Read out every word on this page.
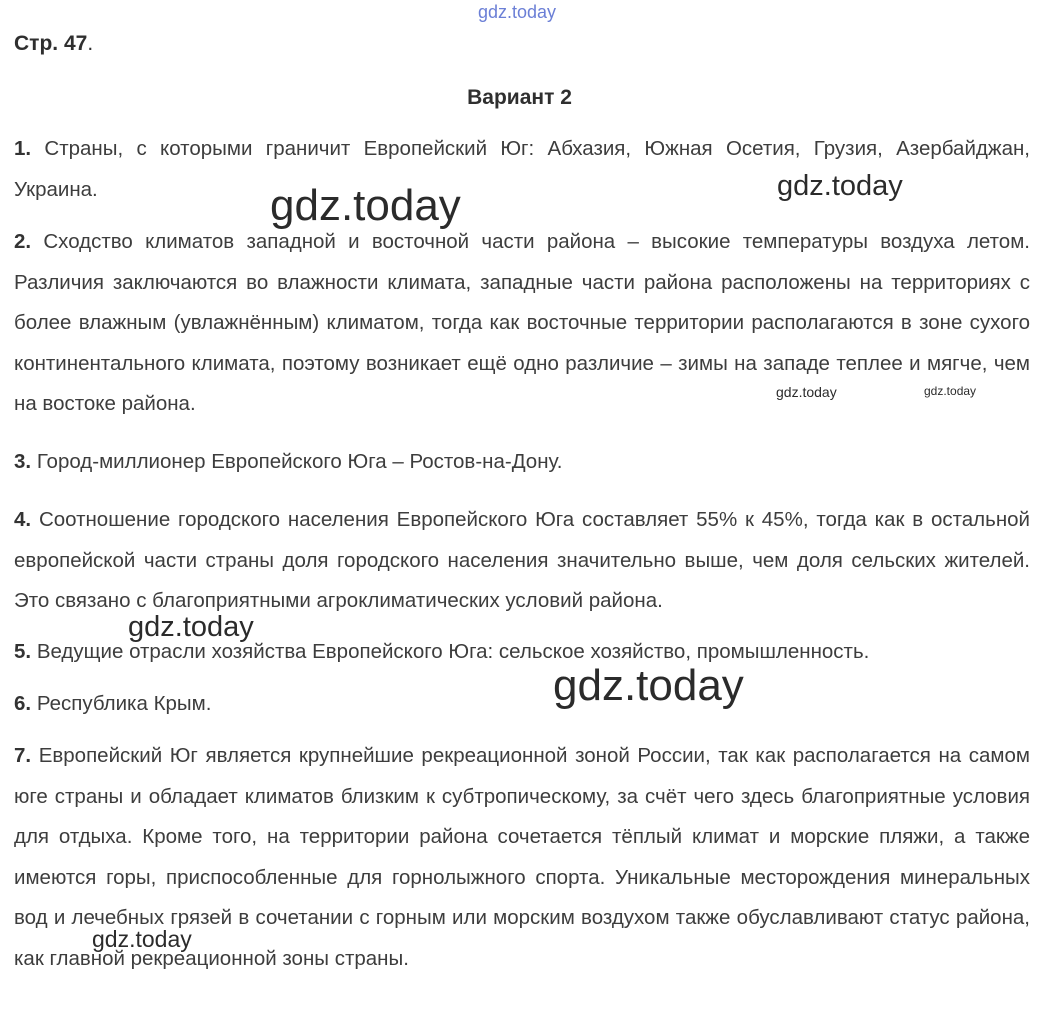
gdz.today
Стр. 47.
Вариант 2
1. Страны, с которыми граничит Европейский Юг: Абхазия, Южная Осетия, Грузия, Азербайджан, Украина.
2. Сходство климатов западной и восточной части района – высокие температуры воздуха летом. Различия заключаются во влажности климата, западные части района расположены на территориях с более влажным (увлажнённым) климатом, тогда как восточные территории располагаются в зоне сухого континентального климата, поэтому возникает ещё одно различие – зимы на западе теплее и мягче, чем на востоке района.
3. Город-миллионер Европейского Юга – Ростов-на-Дону.
4. Соотношение городского населения Европейского Юга составляет 55% к 45%, тогда как в остальной европейской части страны доля городского населения значительно выше, чем доля сельских жителей. Это связано с благоприятными агроклиматических условий района.
5. Ведущие отрасли хозяйства Европейского Юга: сельское хозяйство, промышленность.
6. Республика Крым.
7. Европейский Юг является крупнейшие рекреационной зоной России, так как располагается на самом юге страны и обладает климатов близким к субтропическому, за счёт чего здесь благоприятные условия для отдыха. Кроме того, на территории района сочетается тёплый климат и морские пляжи, а также имеются горы, приспособленные для горнолыжного спорта. Уникальные месторождения минеральных вод и лечебных грязей в сочетании с горным или морским воздухом также обуславливают статус района, как главной рекреационной зоны страны.
gdz.today	gdz.today
gdz.today	gdz.today
gdz.today
gdz.today
gdz.today
